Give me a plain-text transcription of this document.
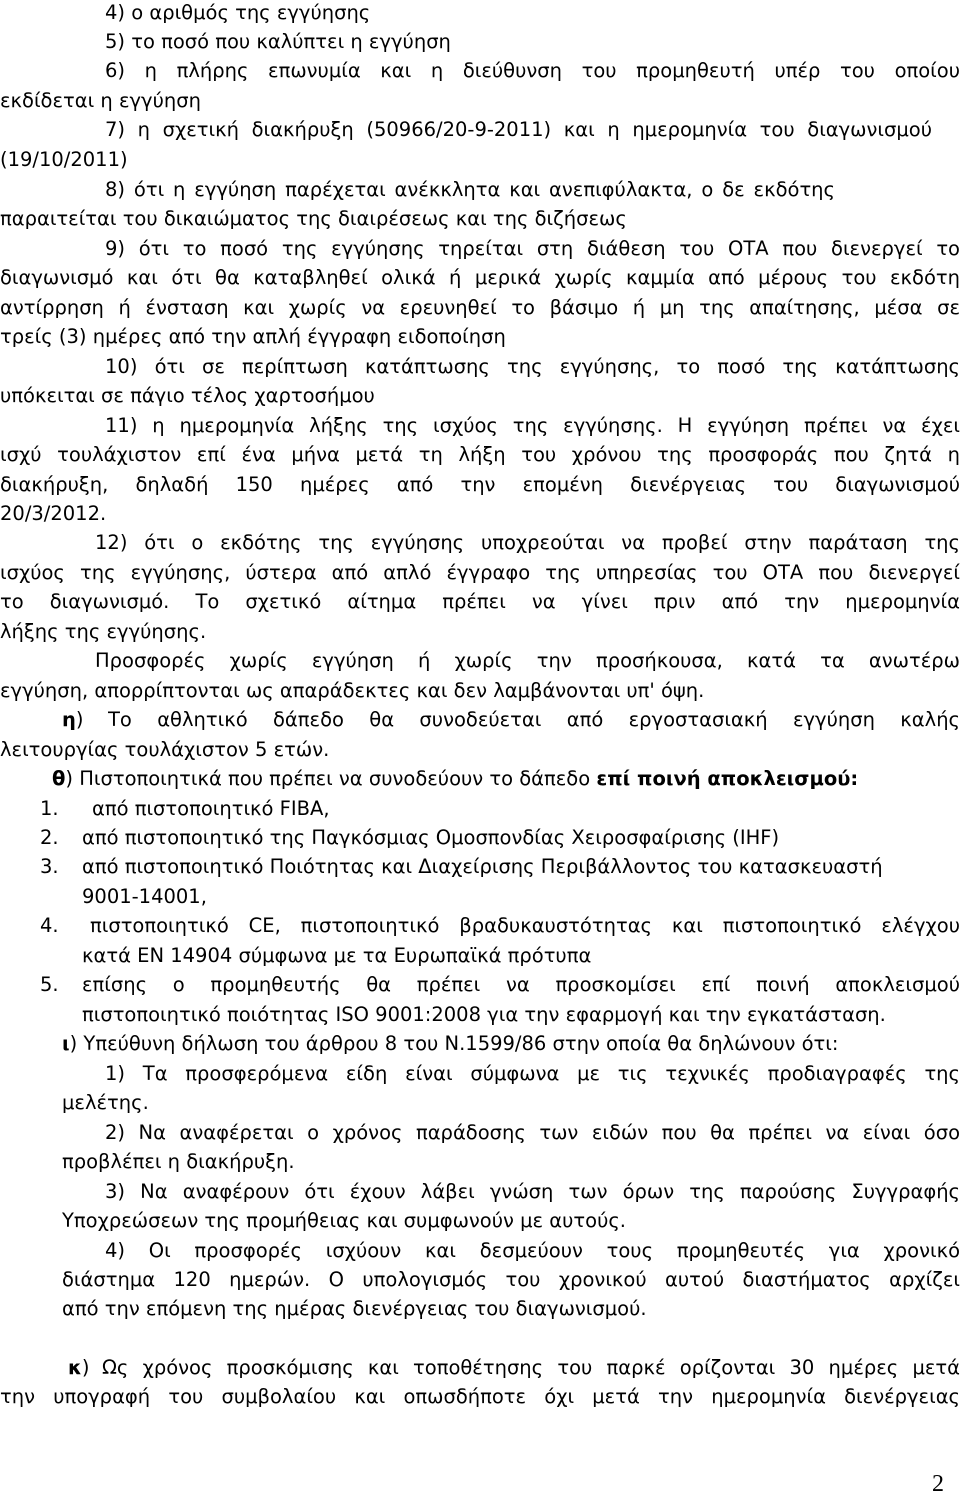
4) ο αριθμός της εγγύησης
5) το ποσό που καλύπτει η εγγύηση
6) η πλήρης επωνυμία και η διεύθυνση του προμηθευτή υπέρ του οποίου
εκδίδεται η εγγύηση
7) η σχετική διακήρυξη (50966/20-9-2011) και η ημερομηνία του διαγωνισμού
(19/10/2011)
8) ότι η εγγύηση παρέχεται ανέκκλητα και ανεπιφύλακτα, ο δε εκδότης
παραιτείται του δικαιώματος της διαιρέσεως και της διζήσεως
9) ότι το ποσό της εγγύησης τηρείται στη διάθεση του ΟΤΑ που διενεργεί το
διαγωνισμό και ότι θα καταβληθεί ολικά ή μερικά χωρίς καμμία από μέρους του εκδότη
αντίρρηση ή ένσταση και χωρίς να ερευνηθεί το βάσιμο ή μη της απαίτησης, μέσα σε
τρείς (3) ημέρες από την απλή έγγραφη ειδοποίηση
10) ότι σε περίπτωση κατάπτωσης της εγγύησης, το ποσό της κατάπτωσης
υπόκειται σε πάγιο τέλος χαρτοσήμου
11) η ημερομηνία λήξης της ισχύος της εγγύησης. Η εγγύηση πρέπει να έχει
ισχύ τουλάχιστον επί ένα μήνα μετά τη λήξη του χρόνου της προσφοράς που ζητά η
διακήρυξη, δηλαδή 150 ημέρες από την επομένη διενέργειας του διαγωνισμού
20/3/2012.
12) ότι ο εκδότης της εγγύησης υποχρεούται να προβεί στην παράταση της
ισχύος της εγγύησης, ύστερα από απλό έγγραφο της υπηρεσίας του ΟΤΑ που διενεργεί
το διαγωνισμό. Το σχετικό αίτημα πρέπει να γίνει πριν από την ημερομηνία
λήξης της εγγύησης.
Προσφορές χωρίς εγγύηση ή χωρίς την προσήκουσα, κατά τα ανωτέρω
εγγύηση, απορρίπτονται ως απαράδεκτες και δεν λαμβάνονται υπ' όψη.
η)	Το αθλητικό δάπεδο θα συνοδεύεται από εργοστασιακή εγγύηση καλής
λειτουργίας τουλάχιστον 5 ετών.
θ) Πιστοποιητικά που πρέπει να συνοδεύουν το δάπεδο επί ποινή αποκλεισμού:
1.	από πιστοποιητικό FIBA,
2.	από πιστοποιητικό της Παγκόσμιας Ομοσπονδίας Χειροσφαίρισης (IHF)
3.	από πιστοποιητικό Ποιότητας και Διαχείρισης Περιβάλλοντος του κατασκευαστή
9001-14001,
4.	πιστοποιητικό CE, πιστοποιητικό βραδυκαυστότητας και πιστοποιητικό ελέγχου
κατά EN 14904 σύμφωνα με τα Ευρωπαϊκά πρότυπα
5.	επίσης ο προμηθευτής θα πρέπει να προσκομίσει επί ποινή αποκλεισμού
πιστοποιητικό ποιότητας ISO 9001:2008 για την εφαρμογή και την εγκατάσταση.
ι) Υπεύθυνη δήλωση του άρθρου 8 του Ν.1599/86 στην οποία θα δηλώνουν ότι:
1) Τα προσφερόμενα είδη είναι σύμφωνα με τις τεχνικές προδιαγραφές της
μελέτης.
2) Να αναφέρεται ο χρόνος παράδοσης των ειδών που θα πρέπει να είναι όσο
προβλέπει η διακήρυξη.
3) Να αναφέρουν ότι έχουν λάβει γνώση των όρων της παρούσης Συγγραφής
Υποχρεώσεων της προμήθειας και συμφωνούν με αυτούς.
4) Οι προσφορές ισχύουν και δεσμεύουν τους προμηθευτές για χρονικό
διάστημα 120 ημερών. Ο υπολογισμός του χρονικού αυτού διαστήματος αρχίζει
από την επόμενη της ημέρας διενέργειας του διαγωνισμού.
κ) Ως χρόνος προσκόμισης και τοποθέτησης του παρκέ ορίζονται 30 ημέρες μετά
την υπογραφή του συμβολαίου και οπωσδήποτε όχι μετά την ημερομηνία διενέργειας
2
